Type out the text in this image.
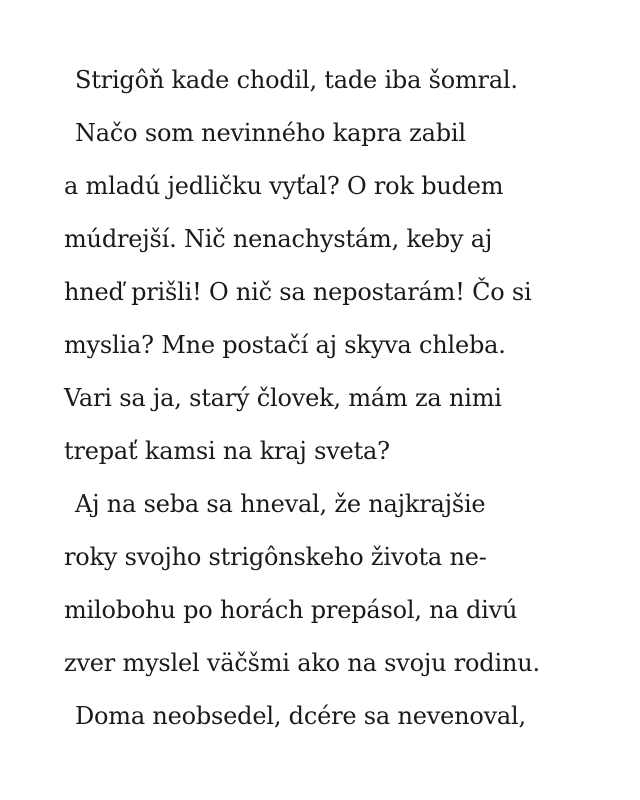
Strigôň kade chodil, tade iba šomral.
Načo som nevinného kapra zabil
a mladú jedličku vyťal? O rok budem
múdrejší. Nič nenachystám, keby aj
hneď prišli! O nič sa nepostarám! Čo si
myslia? Mne postačí aj skyva chleba.
Vari sa ja, starý človek, mám za nimi
trepať kamsi na kraj sveta?
Aj na seba sa hneval, že najkrajšie
roky svojho strigônskeho života ne-
milobohu po horách prepásol, na divú
zver myslel väčšmi ako na svoju rodinu.
Doma neobsedel, dcére sa nevenoval,
